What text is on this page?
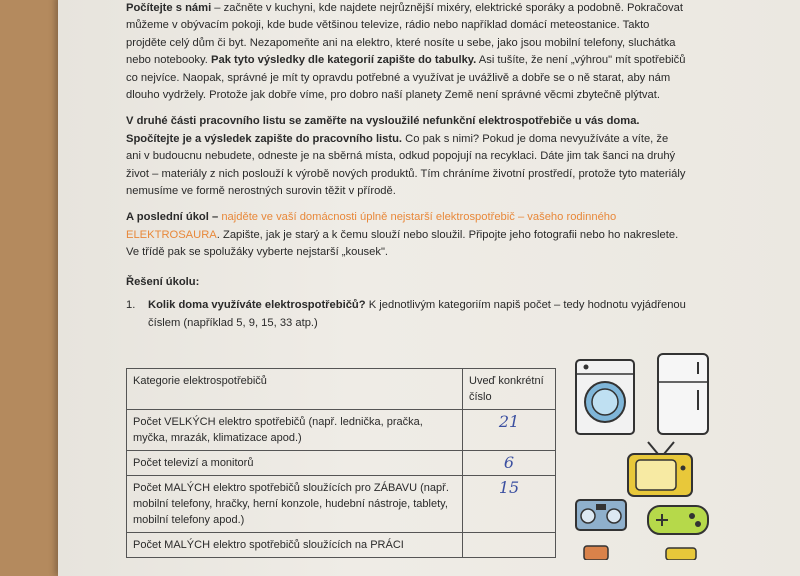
Počítejte s námi – začněte v kuchyni, kde najdete nejrůznější mixéry, elektrické sporáky a podobně. Pokračovat můžeme v obývacím pokoji, kde bude většinou televize, rádio nebo například domácí meteostanice. Takto projděte celý dům či byt. Nezapomeňte ani na elektro, které nosíte u sebe, jako jsou mobilní telefony, sluchátka nebo notebooky. Pak tyto výsledky dle kategorií zapište do tabulky. Asi tušíte, že není „výhrou" mít spotřebičů co nejvíce. Naopak, správné je mít ty opravdu potřebné a využívat je uvážlivě a dobře se o ně starat, aby nám dlouho vydržely. Protože jak dobře víme, pro dobro naší planety Země není správné věcmi zbytečně plýtvat.

V druhé části pracovního listu se zaměřte na vysloužilé nefunkční elektrospotřebiče u vás doma. Spočítejte je a výsledek zapište do pracovního listu. Co pak s nimi? Pokud je doma nevyužíváte a víte, že ani v budoucnu nebudete, odneste je na sběrná místa, odkud popojují na recyklaci. Dáte jim tak šanci na druhý život – materiály z nich poslouží k výrobě nových produktů. Tím chráníme životní prostředí, protože tyto materiály nemusíme ve formě nerostných surovin těžit v přírodě.

A poslední úkol – najděte ve vaší domácnosti úplně nejstarší elektrospotřebič – vašeho rodinného ELEKTROSAURA. Zapište, jak je starý a k čemu slouží nebo sloužil. Připojte jeho fotografii nebo ho nakreslete. Ve třídě pak se spolužáky vyberte nejstarší „kousek".

Řešení úkolu:
1.	Kolik doma využíváte elektrospotřebičů? K jednotlivým kategoriím napiš počet – tedy hodnotu vyjádřenou číslem (například 5, 9, 15, 33 atp.)
Kategorie elektrospotřebičů	Uveď konkrétní číslo
Počet VELKÝCH elektro spotřebičů (např. lednička, pračka, myčka, mrazák, klimatizace apod.)	21
Počet televizí a monitorů	6
Počet MALÝCH elektro spotřebičů sloužících pro ZÁBAVU (např. mobilní telefony, hračky, herní konzole, hudební nástroje, tablety, mobilní telefony apod.)	15
Počet MALÝCH elektro spotřebičů sloužících na PRÁCI	
